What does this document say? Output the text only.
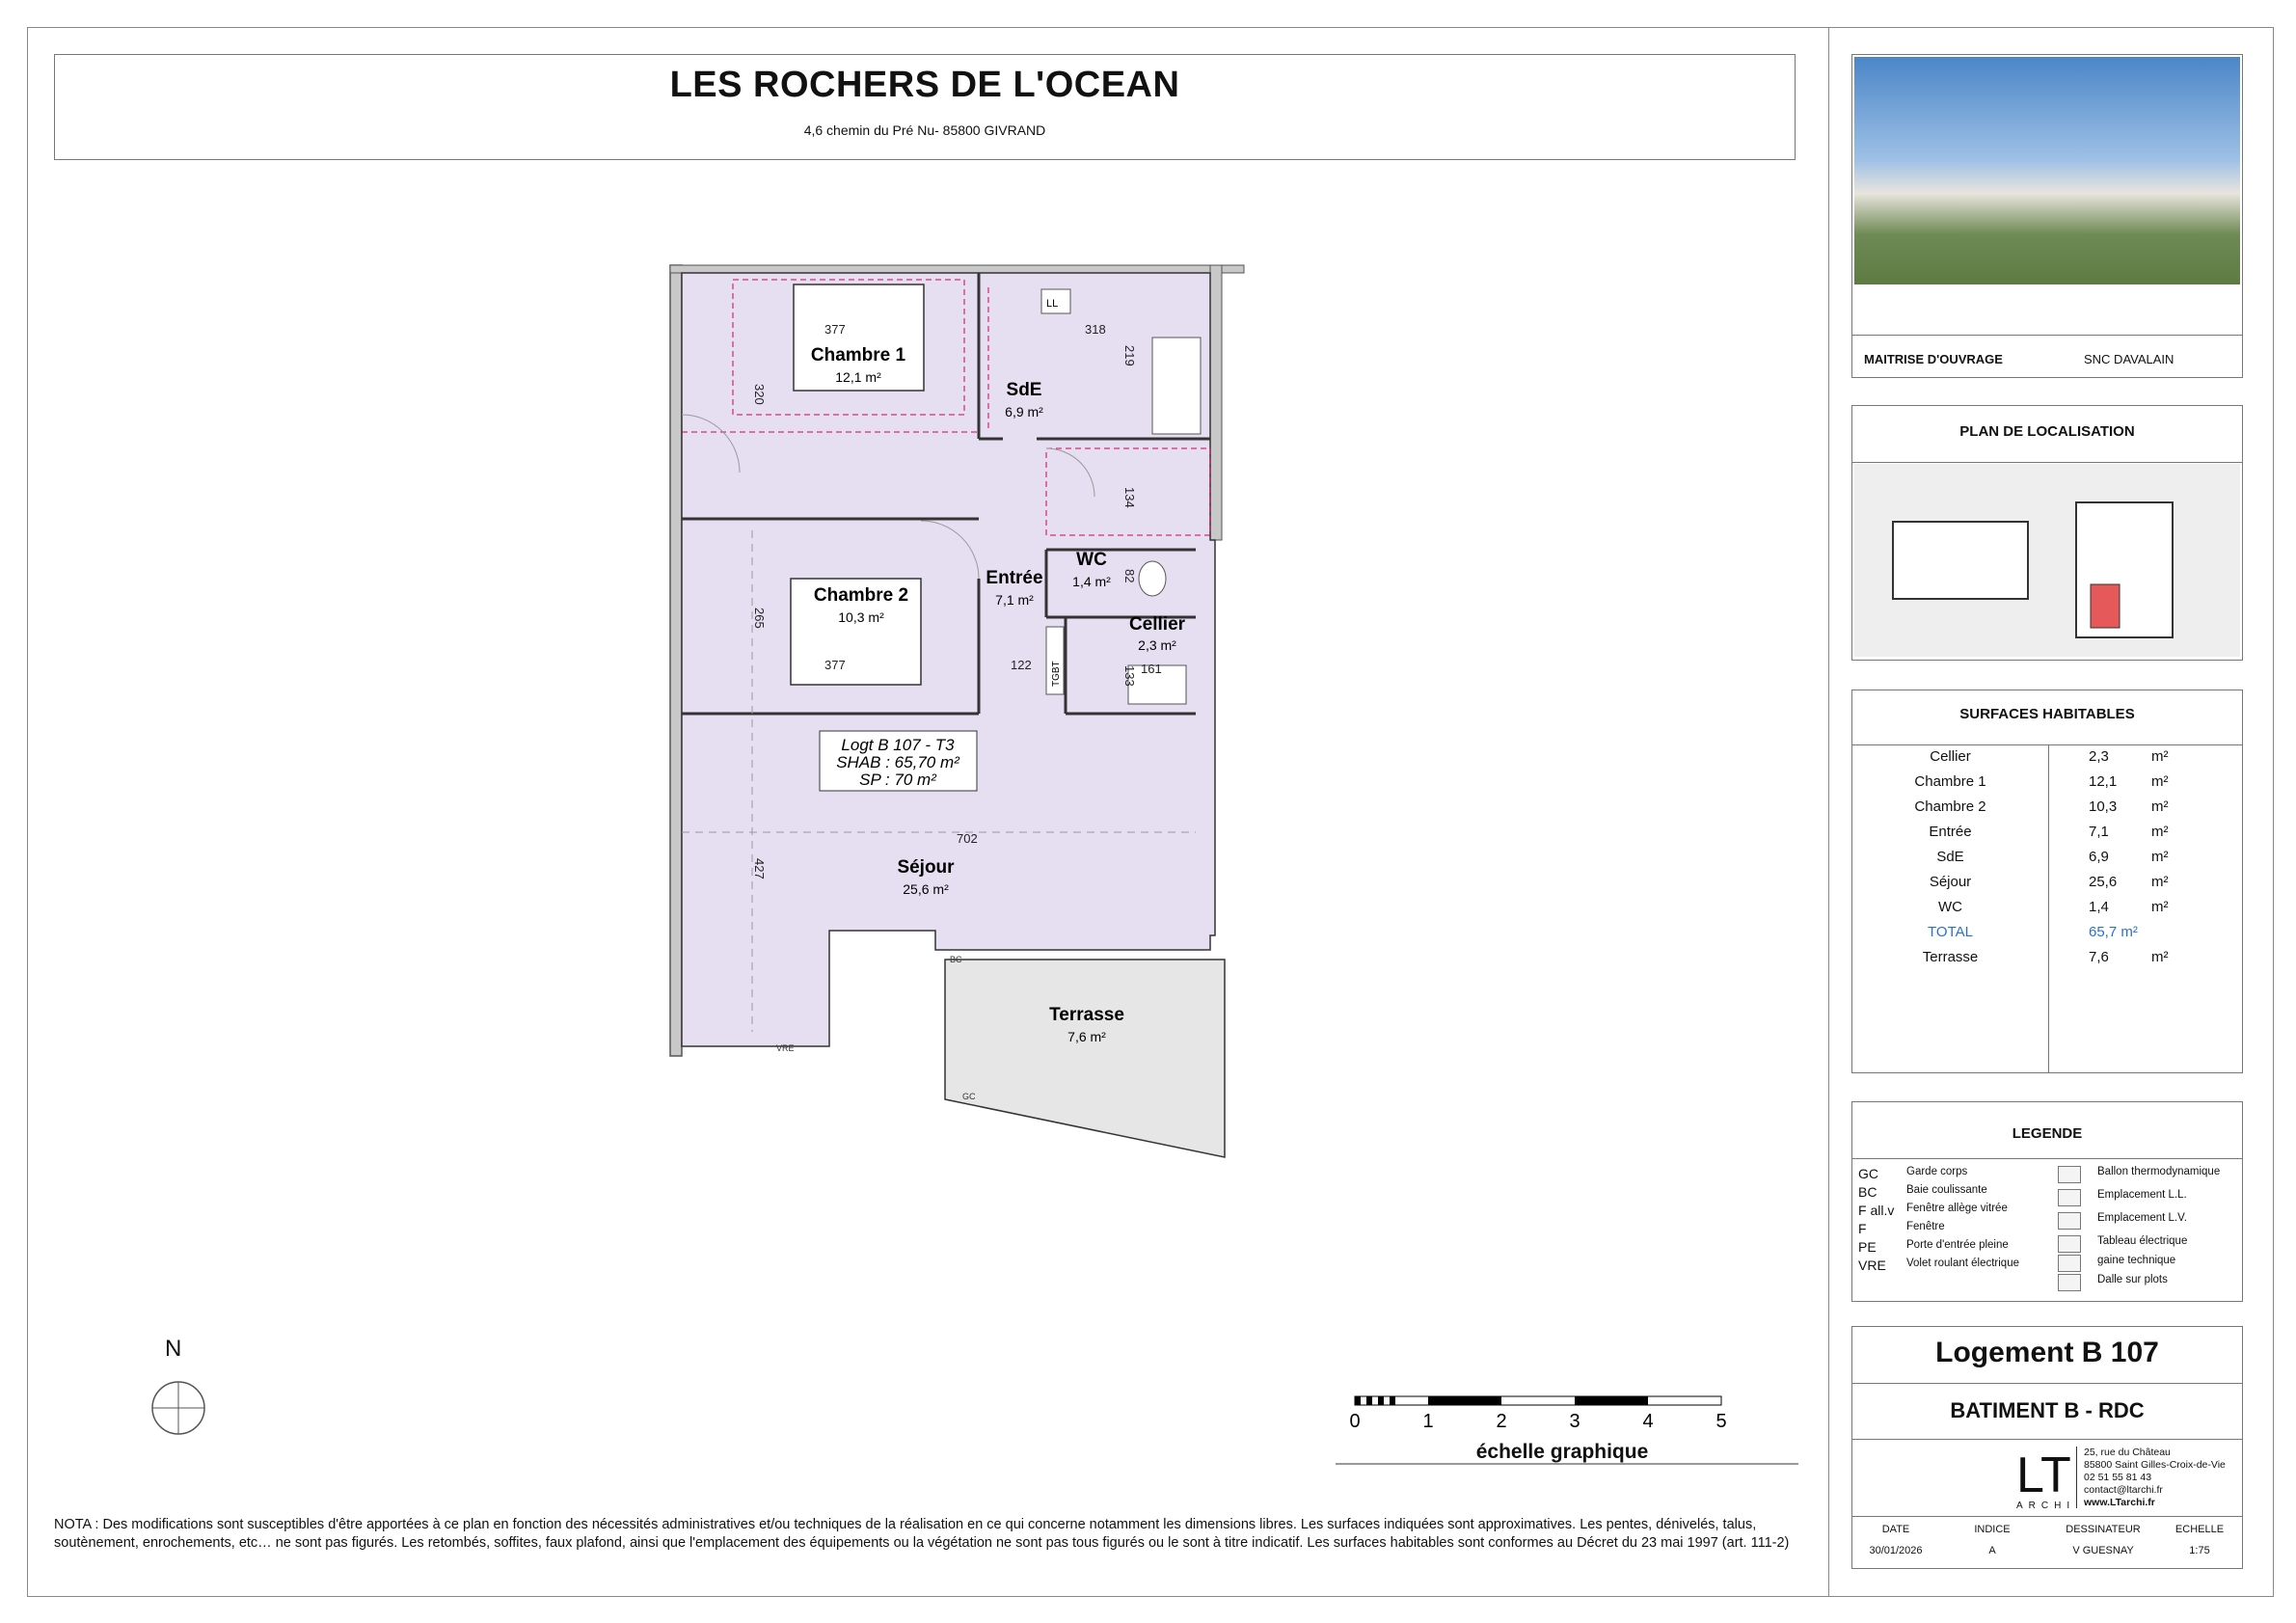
LES ROCHERS DE L'OCEAN
4,6 chemin du Pré Nu- 85800 GIVRAND
LL
TGBT
Logt B 107 - T3
SHAB : 65,70 m²
SP : 70 m²
Chambre 1
12,1 m²
SdE
6,9 m²
Entrée
7,1 m²
WC
1,4 m²
Chambre 2
10,3 m²	Cellier
2,3 m²
Séjour
25,6 m²
Terrasse
7,6 m²
377	318
219
320
134
82
265
377	122
133 161
702
427
GC
BC
VRE
N
0	1	2	3	4	5
échelle graphique
NOTA : Des modifications sont susceptibles d'être apportées à ce plan en fonction des nécessités administratives et/ou techniques de la réalisation en ce qui concerne notamment les dimensions libres. Les surfaces indiquées sont approximatives. Les pentes, dénivelés, talus, soutènement, enrochements, etc… ne sont pas figurés. Les retombés, soffites, faux plafond, ainsi que l'emplacement des équipements ou la végétation ne sont pas tous figurés ou le sont à titre indicatif. Les surfaces habitables sont conformes au Décret du 23 mai 1997 (art. 111-2)
MAITRISE D'OUVRAGE	SNC DAVALAIN
PLAN DE LOCALISATION
SURFACES HABITABLES
Cellier	2,3	m²
Chambre 1	12,1 m²
Chambre 2	10,3 m²
Entrée	7,1	m²
SdE	6,9	m²
Séjour	25,6 m²
WC	1,4	m²
TOTAL	65,7 m²
Terrasse	7,6	m²
LEGENDE
GC	Garde corps
BC	Baie coulissante
F all.v Fenêtre allège vitrée
F	Fenêtre
PE	Porte d'entrée pleine
VRE Volet roulant électrique
Ballon thermodynamique
Emplacement L.L.
Emplacement L.V.
Tableau électrique
gaine technique
Dalle sur plots
Logement B 107
BATIMENT B - RDC
LT
ARCHI
25, rue du Château
85800 Saint Gilles-Croix-de-Vie
02 51 55 81 43
contact@ltarchi.fr
www.LTarchi.fr
DATE	INDICE	DESSINATEUR	ECHELLE
30/01/2026	A	V GUESNAY	1:75
